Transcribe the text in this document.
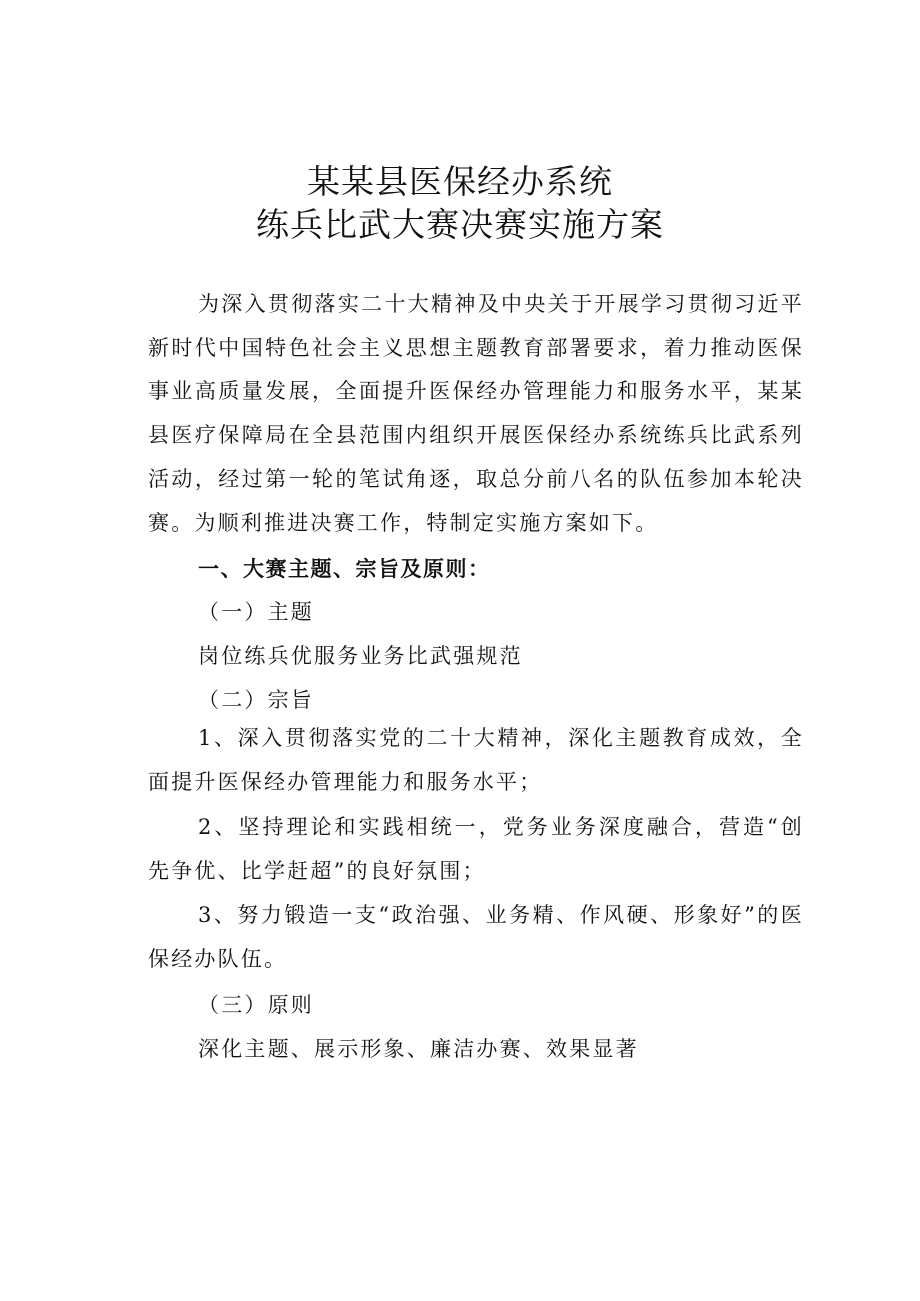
某某县医保经办系统
练兵比武大赛决赛实施方案

为深入贯彻落实二十大精神及中央关于开展学习贯彻习近平新时代中国特色社会主义思想主题教育部署要求，着力推动医保事业高质量发展，全面提升医保经办管理能力和服务水平，某某县医疗保障局在全县范围内组织开展医保经办系统练兵比武系列活动，经过第一轮的笔试角逐，取总分前八名的队伍参加本轮决赛。为顺利推进决赛工作，特制定实施方案如下。

一、大赛主题、宗旨及原则：
（一）主题
岗位练兵优服务业务比武强规范
（二）宗旨

1、深入贯彻落实党的二十大精神，深化主题教育成效，全面提升医保经办管理能力和服务水平；

2、坚持理论和实践相统一，党务业务深度融合，营造“创先争优、比学赶超”的良好氛围；

3、努力锻造一支“政治强、业务精、作风硬、形象好”的医保经办队伍。

（三）原则
深化主题、展示形象、廉洁办赛、效果显著
